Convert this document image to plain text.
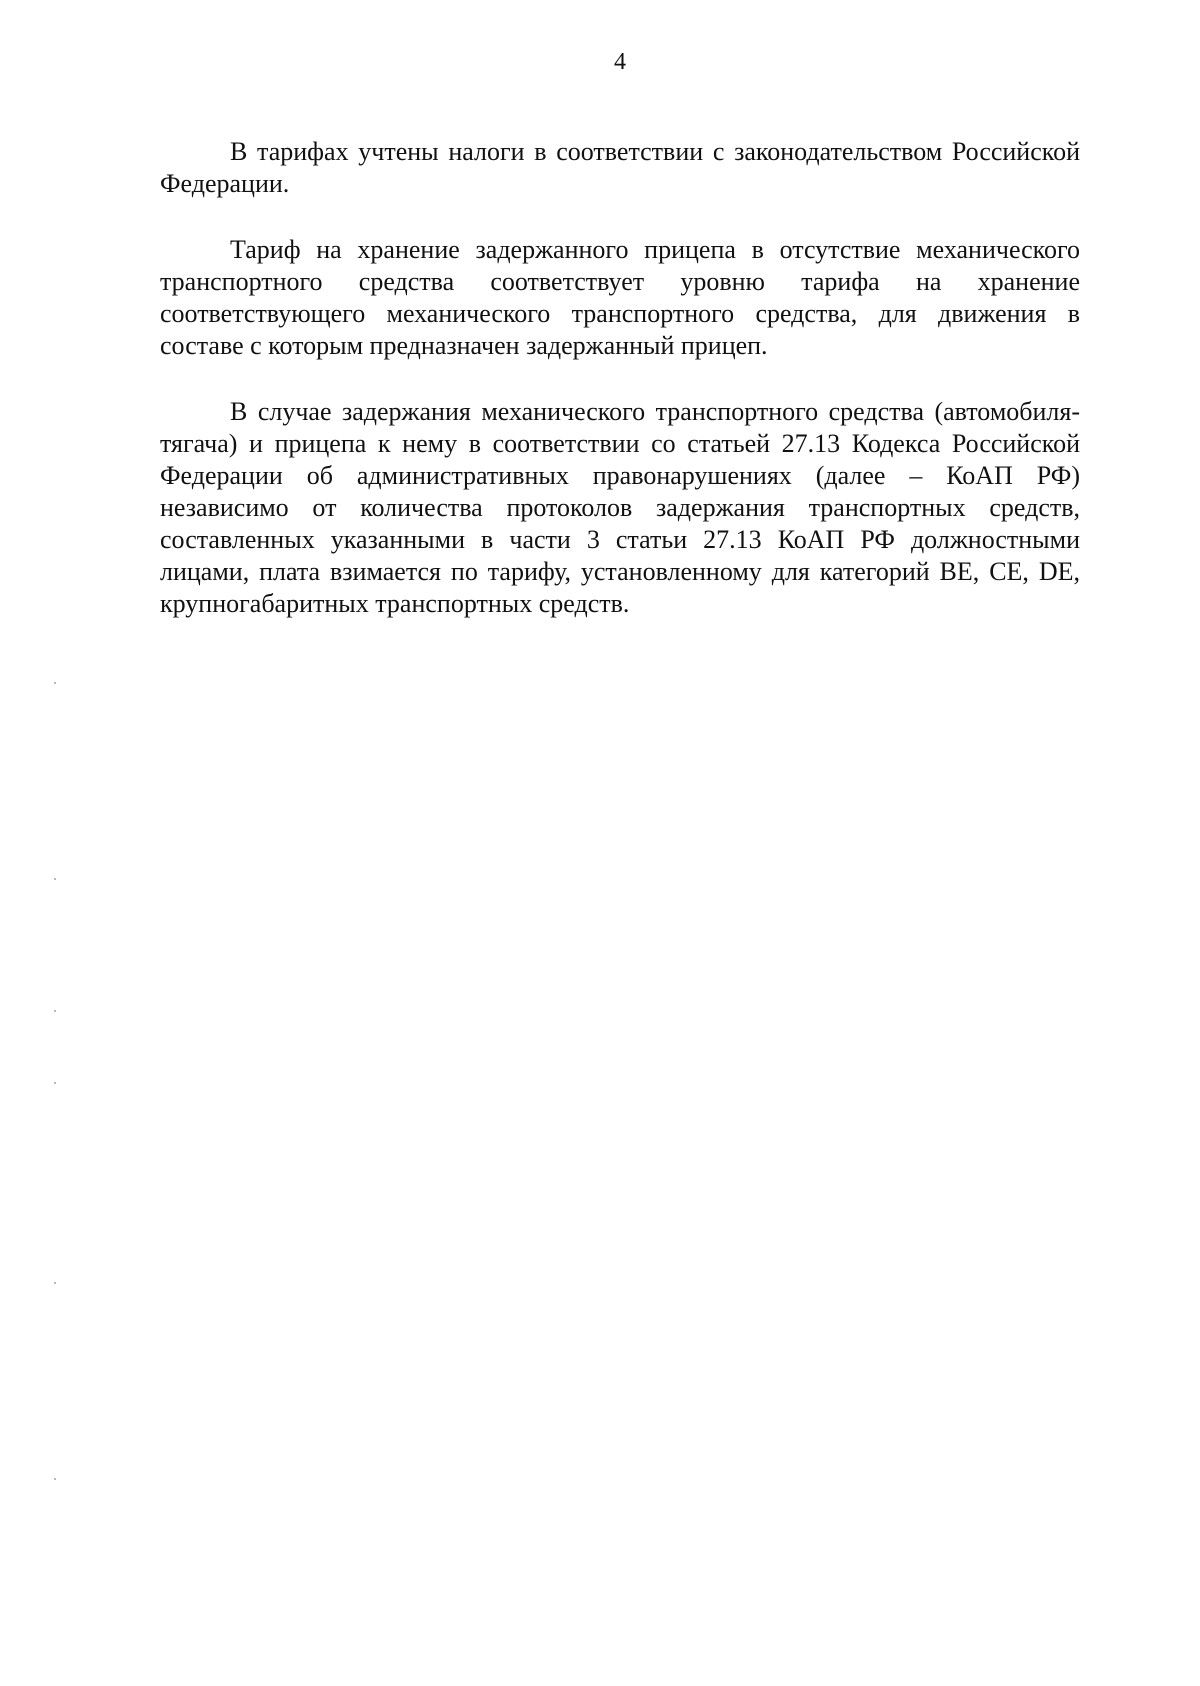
4

В тарифах учтены налоги в соответствии с законодательством Российской Федерации.

Тариф на хранение задержанного прицепа в отсутствие механического транспортного средства соответствует уровню тарифа на хранение соответствующего механического транспортного средства, для движения в составе с которым предназначен задержанный прицеп.

В случае задержания механического транспортного средства (автомобиля-тягача) и прицепа к нему в соответствии со статьей 27.13 Кодекса Российской Федерации об административных правонарушениях (далее – КоАП РФ) независимо от количества протоколов задержания транспортных средств, составленных указанными в части 3 статьи 27.13 КоАП РФ должностными лицами, плата взимается по тарифу, установленному для категорий ВЕ, СЕ, DE, крупногабаритных транспортных средств.
